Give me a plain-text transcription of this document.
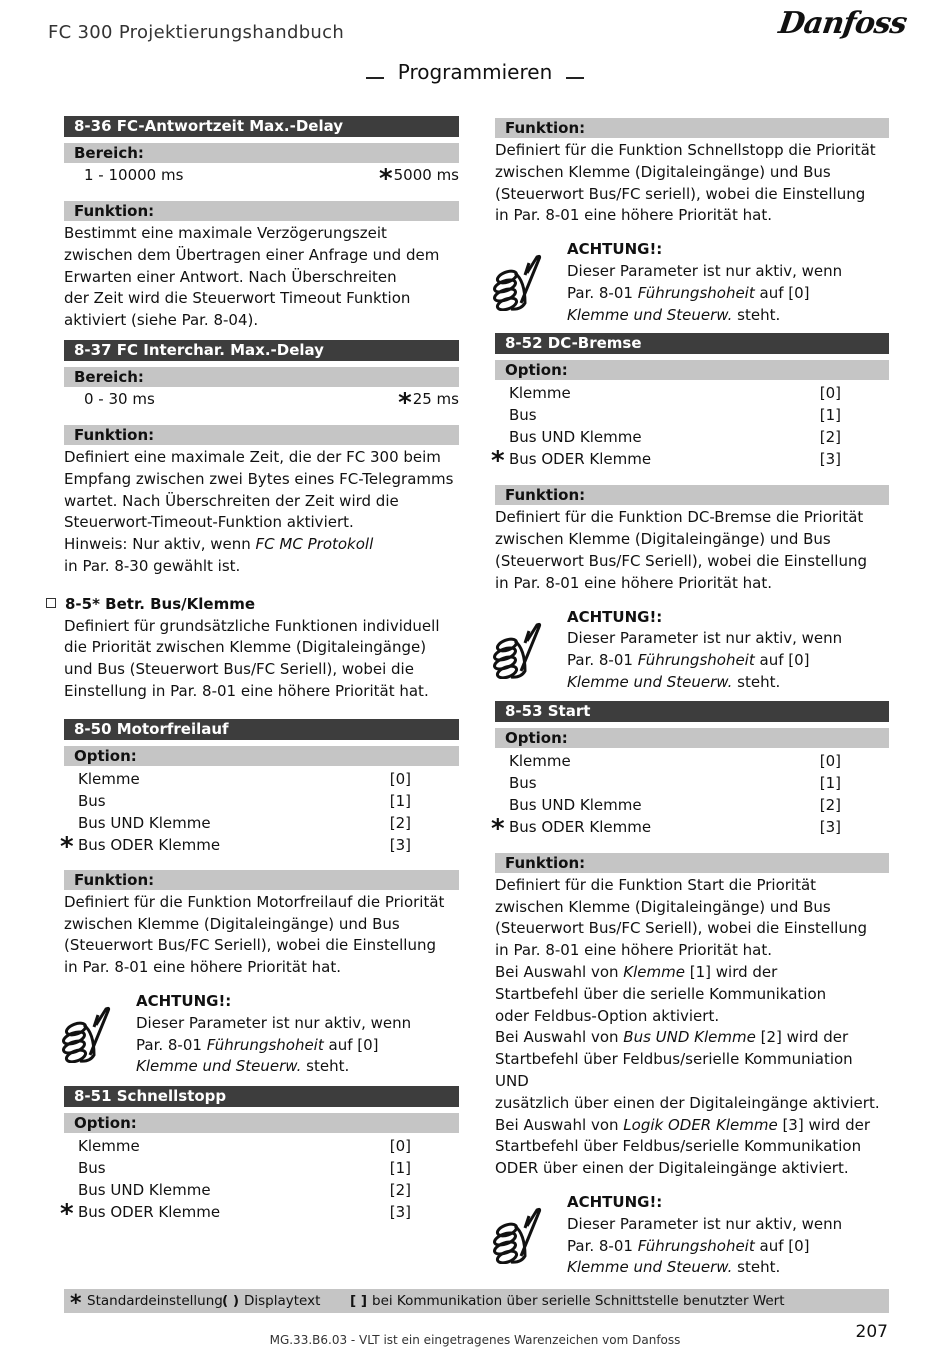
FC 300 Projektierungshandbuch	Danfoss
Programmieren
8-36 FC-Antwortzeit Max.-Delay
Bereich:
1 - 10000 ms	*5000 ms
Funktion:
Bestimmt eine maximale Verzögerungszeit
zwischen dem Übertragen einer Anfrage und dem
Erwarten einer Antwort. Nach Überschreiten
der Zeit wird die Steuerwort Timeout Funktion
aktiviert (siehe Par. 8-04).
8-37 FC Interchar. Max.-Delay
Bereich:
0 - 30 ms	*25 ms
Funktion:
Definiert eine maximale Zeit, die der FC 300 beim
Empfang zwischen zwei Bytes eines FC-Telegramms
wartet. Nach Überschreiten der Zeit wird die
Steuerwort-Timeout-Funktion aktiviert.
Hinweis: Nur aktiv, wenn FC MC Protokoll
in Par. 8-30 gewählt ist.
8-5* Betr. Bus/Klemme
Definiert für grundsätzliche Funktionen individuell
die Priorität zwischen Klemme (Digitaleingänge)
und Bus (Steuerwort Bus/FC Seriell), wobei die
Einstellung in Par. 8-01 eine höhere Priorität hat.
8-50 Motorfreilauf
Option:
Klemme	[0]
Bus	[1]
Bus UND Klemme	[2]
* Bus ODER Klemme	[3]
Funktion:
Definiert für die Funktion Motorfreilauf die Priorität
zwischen Klemme (Digitaleingänge) und Bus
(Steuerwort Bus/FC Seriell), wobei die Einstellung
in Par. 8-01 eine höhere Priorität hat.
ACHTUNG!:
Dieser Parameter ist nur aktiv, wenn
Par. 8-01 Führungshoheit auf [0]
Klemme und Steuerw. steht.
8-51 Schnellstopp
Option:
Klemme	[0]
Bus	[1]
Bus UND Klemme	[2]
* Bus ODER Klemme	[3]
Funktion:
Definiert für die Funktion Schnellstopp die Priorität
zwischen Klemme (Digitaleingänge) und Bus
(Steuerwort Bus/FC seriell), wobei die Einstellung
in Par. 8-01 eine höhere Priorität hat.
ACHTUNG!:
Dieser Parameter ist nur aktiv, wenn
Par. 8-01 Führungshoheit auf [0]
Klemme und Steuerw. steht.
8-52 DC-Bremse
Option:
Klemme	[0]
Bus	[1]
Bus UND Klemme	[2]
* Bus ODER Klemme	[3]
Funktion:
Definiert für die Funktion DC-Bremse die Priorität
zwischen Klemme (Digitaleingänge) und Bus
(Steuerwort Bus/FC Seriell), wobei die Einstellung
in Par. 8-01 eine höhere Priorität hat.
ACHTUNG!:
Dieser Parameter ist nur aktiv, wenn
Par. 8-01 Führungshoheit auf [0]
Klemme und Steuerw. steht.
8-53 Start
Option:
Klemme	[0]
Bus	[1]
Bus UND Klemme	[2]
* Bus ODER Klemme	[3]
Funktion:
Definiert für die Funktion Start die Priorität
zwischen Klemme (Digitaleingänge) und Bus
(Steuerwort Bus/FC Seriell), wobei die Einstellung
in Par. 8-01 eine höhere Priorität hat.
Bei Auswahl von Klemme [1] wird der
Startbefehl über die serielle Kommunikation
oder Feldbus-Option aktiviert.
Bei Auswahl von Bus UND Klemme [2] wird der
Startbefehl über Feldbus/serielle Kommuniation UND
zusätzlich über einen der Digitaleingänge aktiviert.
Bei Auswahl von Logik ODER Klemme [3] wird der
Startbefehl über Feldbus/serielle Kommunikation
ODER über einen der Digitaleingänge aktiviert.
ACHTUNG!:
Dieser Parameter ist nur aktiv, wenn
Par. 8-01 Führungshoheit auf [0]
Klemme und Steuerw. steht.
* Standardeinstellung ( ) Displaytext [ ] bei Kommunikation über serielle Schnittstelle benutzter Wert
MG.33.B6.03 - VLT ist ein eingetragenes Warenzeichen vom Danfoss	207
